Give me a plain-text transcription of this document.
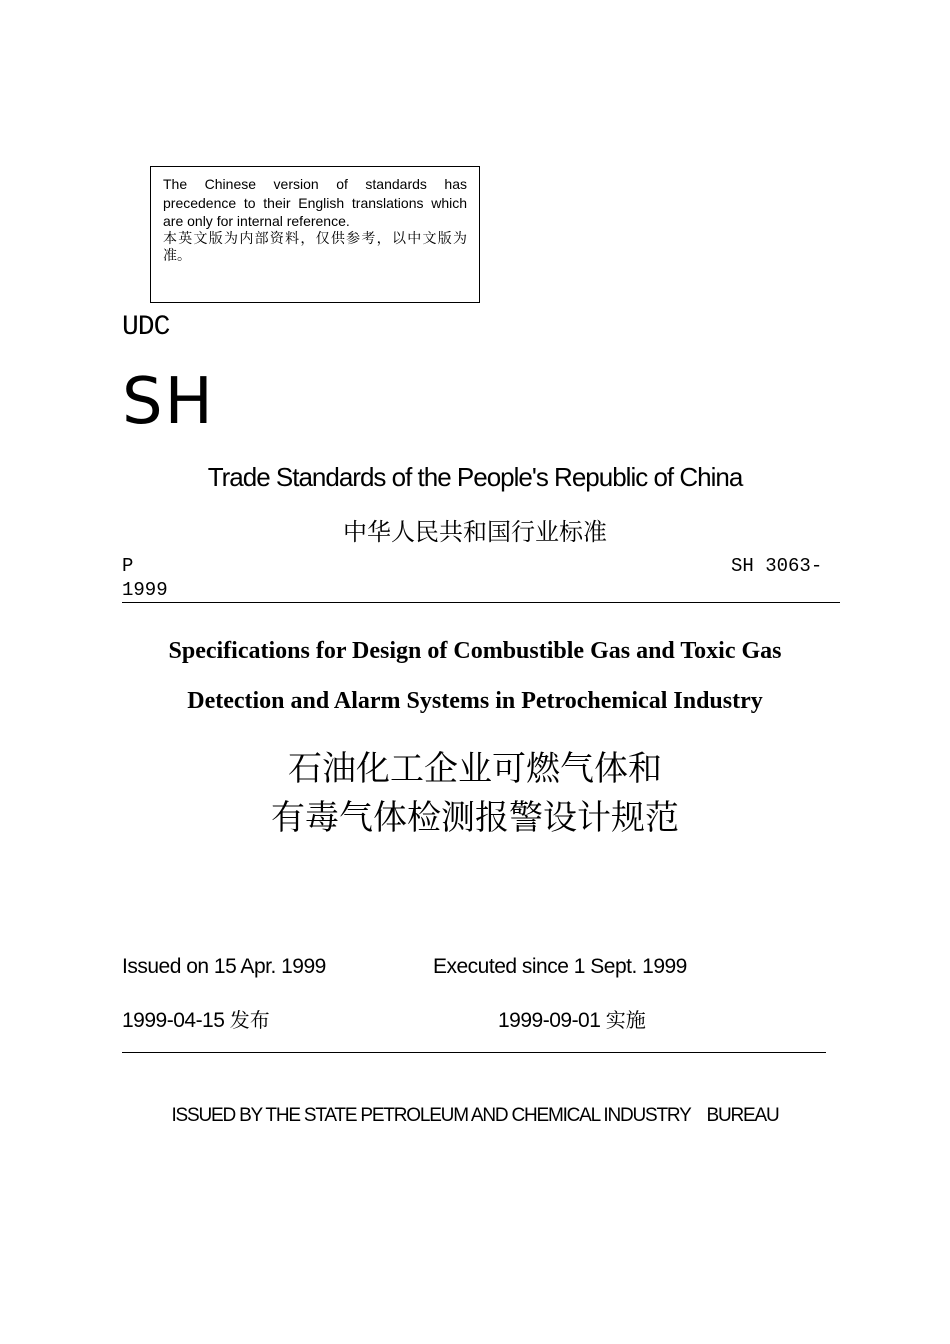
The Chinese version of standards has precedence to their English translations which are only for internal reference.
本英文版为内部资料，仅供参考，以中文版为准。
UDC
SH
Trade Standards of the People's Republic of China
中华人民共和国行业标准
P	SH 3063-
1999
Specifications for Design of Combustible Gas and Toxic Gas
Detection and Alarm Systems in Petrochemical Industry
石油化工企业可燃气体和
有毒气体检测报警设计规范
Issued on 15 Apr. 1999	Executed since 1 Sept. 1999
1999-04-15 发布	1999-09-01 实施
ISSUED BY THE STATE PETROLEUM AND CHEMICAL INDUSTRY    BUREAU
